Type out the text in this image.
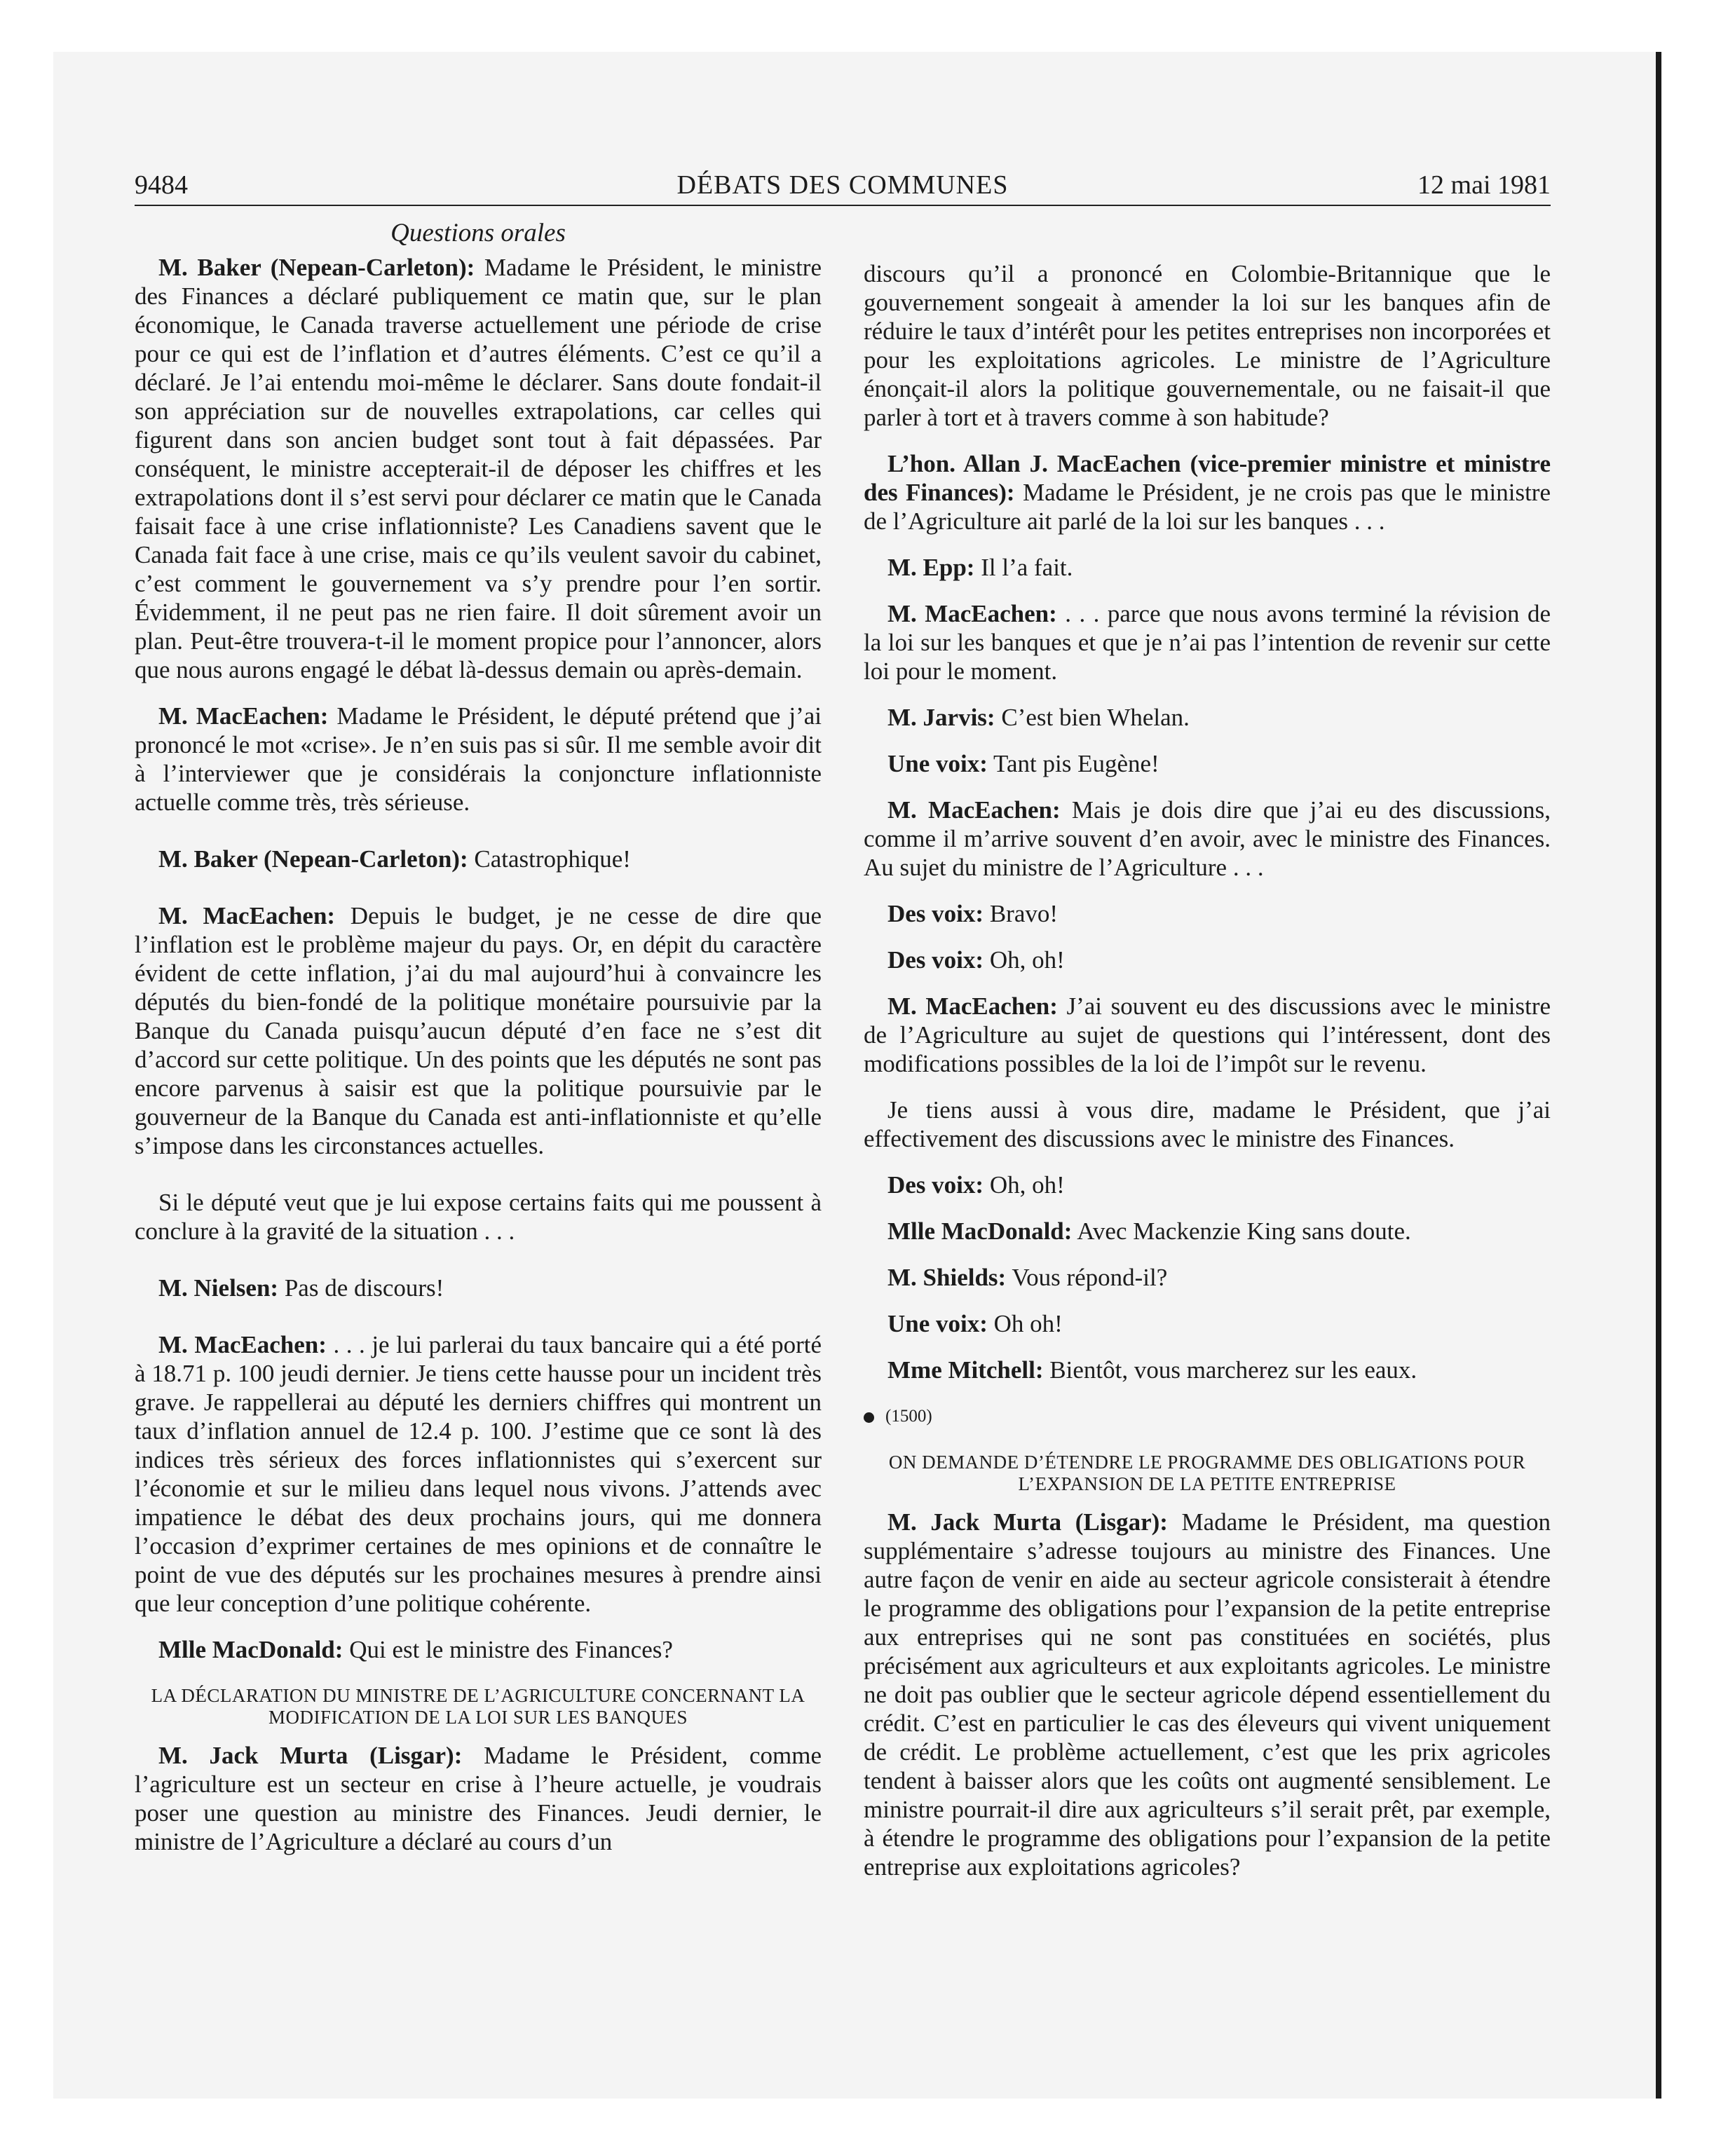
9484	DÉBATS DES COMMUNES	12 mai 1981
Questions orales

M. Baker (Nepean-Carleton): Madame le Président, le ministre des Finances a déclaré publiquement ce matin que, sur le plan économique, le Canada traverse actuellement une période de crise pour ce qui est de l’inflation et d’autres éléments. C’est ce qu’il a déclaré. Je l’ai entendu moi-même le déclarer. Sans doute fondait-il son appréciation sur de nouvelles extrapolations, car celles qui figurent dans son ancien budget sont tout à fait dépassées. Par conséquent, le ministre accepterait-il de déposer les chiffres et les extrapolations dont il s’est servi pour déclarer ce matin que le Canada faisait face à une crise inflationniste? Les Canadiens savent que le Canada fait face à une crise, mais ce qu’ils veulent savoir du cabinet, c’est comment le gouvernement va s’y prendre pour l’en sortir. Évidemment, il ne peut pas ne rien faire. Il doit sûrement avoir un plan. Peut-être trouvera-t-il le moment propice pour l’annoncer, alors que nous aurons engagé le débat là-dessus demain ou après-demain.

M. MacEachen: Madame le Président, le député prétend que j’ai prononcé le mot «crise». Je n’en suis pas si sûr. Il me semble avoir dit à l’interviewer que je considérais la conjoncture inflationniste actuelle comme très, très sérieuse.

M. Baker (Nepean-Carleton): Catastrophique!

M. MacEachen: Depuis le budget, je ne cesse de dire que l’inflation est le problème majeur du pays. Or, en dépit du caractère évident de cette inflation, j’ai du mal aujourd’hui à convaincre les députés du bien-fondé de la politique monétaire poursuivie par la Banque du Canada puisqu’aucun député d’en face ne s’est dit d’accord sur cette politique. Un des points que les députés ne sont pas encore parvenus à saisir est que la politique poursuivie par le gouverneur de la Banque du Canada est anti-inflationniste et qu’elle s’impose dans les circonstances actuelles.

Si le député veut que je lui expose certains faits qui me poussent à conclure à la gravité de la situation . . .

M. Nielsen: Pas de discours!

M. MacEachen: . . . je lui parlerai du taux bancaire qui a été porté à 18.71 p. 100 jeudi dernier. Je tiens cette hausse pour un incident très grave. Je rappellerai au député les derniers chiffres qui montrent un taux d’inflation annuel de 12.4 p. 100. J’estime que ce sont là des indices très sérieux des forces inflationnistes qui s’exercent sur l’économie et sur le milieu dans lequel nous vivons. J’attends avec impatience le débat des deux prochains jours, qui me donnera l’occasion d’exprimer certaines de mes opinions et de connaître le point de vue des députés sur les prochaines mesures à prendre ainsi que leur conception d’une politique cohérente.

Mlle MacDonald: Qui est le ministre des Finances?

LA DÉCLARATION DU MINISTRE DE L’AGRICULTURE CONCERNANT LA MODIFICATION DE LA LOI SUR LES BANQUES

M. Jack Murta (Lisgar): Madame le Président, comme l’agriculture est un secteur en crise à l’heure actuelle, je voudrais poser une question au ministre des Finances. Jeudi dernier, le ministre de l’Agriculture a déclaré au cours d’un

discours qu’il a prononcé en Colombie-Britannique que le gouvernement songeait à amender la loi sur les banques afin de réduire le taux d’intérêt pour les petites entreprises non incorporées et pour les exploitations agricoles. Le ministre de l’Agriculture énonçait-il alors la politique gouvernementale, ou ne faisait-il que parler à tort et à travers comme à son habitude?

L’hon. Allan J. MacEachen (vice-premier ministre et ministre des Finances): Madame le Président, je ne crois pas que le ministre de l’Agriculture ait parlé de la loi sur les banques . . .

M. Epp: Il l’a fait.

M. MacEachen: . . . parce que nous avons terminé la révision de la loi sur les banques et que je n’ai pas l’intention de revenir sur cette loi pour le moment.

M. Jarvis: C’est bien Whelan.

Une voix: Tant pis Eugène!

M. MacEachen: Mais je dois dire que j’ai eu des discussions, comme il m’arrive souvent d’en avoir, avec le ministre des Finances. Au sujet du ministre de l’Agriculture . . .

Des voix: Bravo!

Des voix: Oh, oh!

M. MacEachen: J’ai souvent eu des discussions avec le ministre de l’Agriculture au sujet de questions qui l’intéressent, dont des modifications possibles de la loi de l’impôt sur le revenu.

Je tiens aussi à vous dire, madame le Président, que j’ai effectivement des discussions avec le ministre des Finances.

Des voix: Oh, oh!

Mlle MacDonald: Avec Mackenzie King sans doute.

M. Shields: Vous répond-il?

Une voix: Oh oh!

Mme Mitchell: Bientôt, vous marcherez sur les eaux.

(1500)
ON DEMANDE D’ÉTENDRE LE PROGRAMME DES OBLIGATIONS POUR L’EXPANSION DE LA PETITE ENTREPRISE

M. Jack Murta (Lisgar): Madame le Président, ma question supplémentaire s’adresse toujours au ministre des Finances. Une autre façon de venir en aide au secteur agricole consisterait à étendre le programme des obligations pour l’expansion de la petite entreprise aux entreprises qui ne sont pas constituées en sociétés, plus précisément aux agriculteurs et aux exploitants agricoles. Le ministre ne doit pas oublier que le secteur agricole dépend essentiellement du crédit. C’est en particulier le cas des éleveurs qui vivent uniquement de crédit. Le problème actuellement, c’est que les prix agricoles tendent à baisser alors que les coûts ont augmenté sensiblement. Le ministre pourrait-il dire aux agriculteurs s’il serait prêt, par exemple, à étendre le programme des obligations pour l’expansion de la petite entreprise aux exploitations agricoles?
